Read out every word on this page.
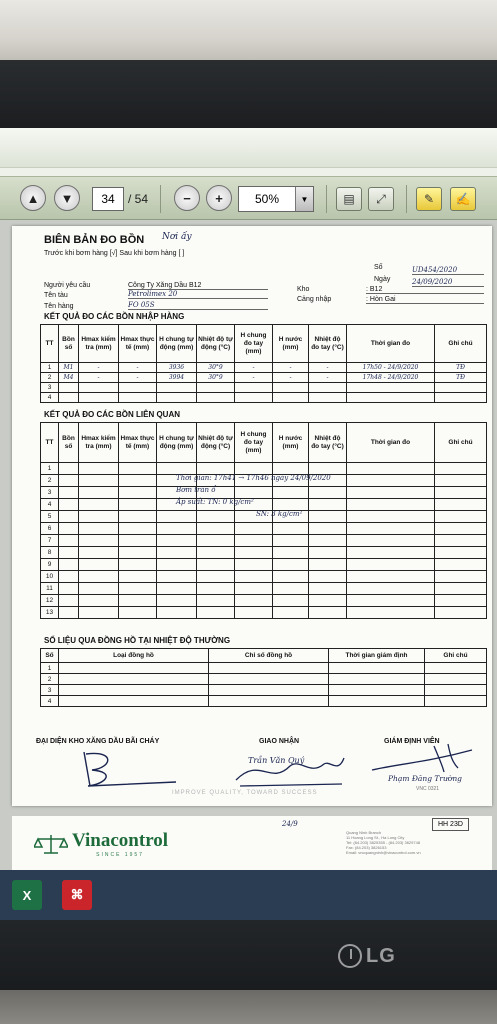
▲	▼	34	/ 54	−	+	50%	▼	▤	⤢	✎	✍
BIÊN BẢN ĐO BỒN Nơi ấy
Trước khi bơm hàng [√] Sau khi bơm hàng [ ]
Số	UD454/2020
Ngày	24/09/2020
Người yêu cầu	Công Ty Xăng Dầu B12
Tên tàu	Petrolimex 20
Tên hàng	FO 05S
Kho	: B12
Cảng nhập	: Hòn Gai
KẾT QUẢ ĐO CÁC BỒN NHẬP HÀNG
TT	Bồn số	Hmax kiểm tra (mm)	Hmax thực tế (mm)	H chung tự động (mm)	Nhiệt độ tự động (°C)	H chung đo tay (mm)	H nước (mm)	Nhiệt độ đo tay (°C)	Thời gian đo	Ghi chú
1	M1	-	-	3936	30°9	-	-	-	17h50 - 24/9/2020	TĐ
2	M4	-	-	3994	30°9	-	-	-	17h48 - 24/9/2020	TĐ
3										
4										
KẾT QUẢ ĐO CÁC BỒN LIÊN QUAN
TT	Bồn số	Hmax kiểm tra (mm)	Hmax thực tế (mm)	H chung tự động (mm)	Nhiệt độ tự động (°C)	H chung đo tay (mm)	H nước (mm)	Nhiệt độ đo tay (°C)	Thời gian đo	Ghi chú
1										
2										
3										
4										
5										
6										
7										
8										
9										
10										
11										
12										
13										
Thời gian: 17h41 → 17h46 ngày 24/09/2020
Bơm tràn ổ
Áp suất: TN: 0 kg/cm²
SN: 3 kg/cm²
SỐ LIỆU QUA ĐỒNG HỒ TẠI NHIỆT ĐỘ THƯỜNG
Số	Loại đồng hồ	Chỉ số đồng hồ	Thời gian giám định	Ghi chú
1				
2				
3				
4				
ĐẠI DIỆN KHO XĂNG DẦU BÃI CHÁY	GIAO NHẬN	GIÁM ĐỊNH VIÊN
Trần Văn Quý
Phạm Đăng Trường
VNC 0321
IMPROVE QUALITY, TOWARD SUCCESS
HH 23D
24/9
Vinacontrol
SINCE 1957
Quang Ninh Branch
11 Hoang Long St., Ha Long City
Tel: (84.203) 3825355 - (84.203) 3629748
Fax: (84.203) 3826153
Email: vncquangninh@vinacontrol.com.vn
X	⌘
LG
